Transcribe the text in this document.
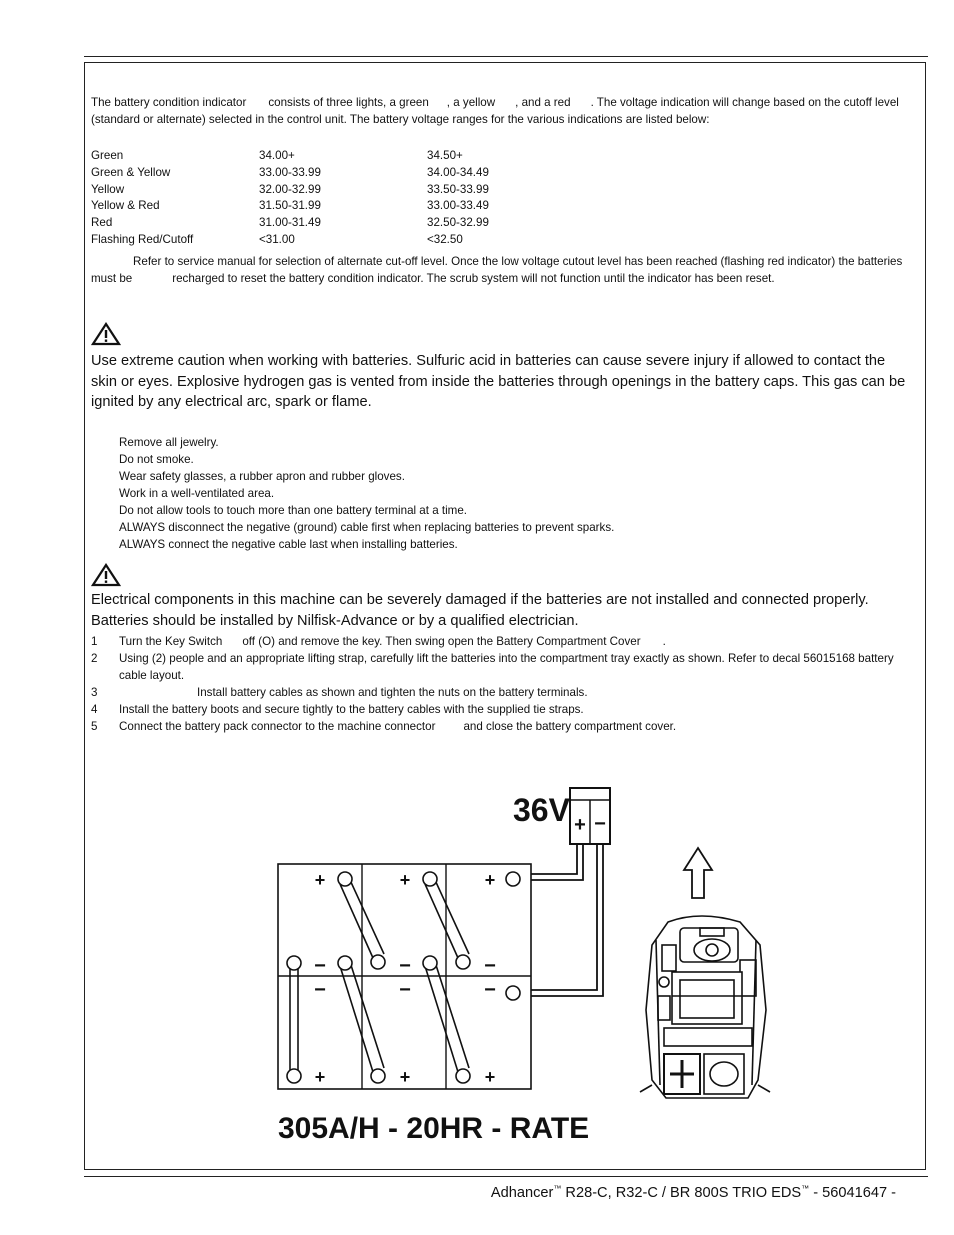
The battery condition indicator consists of three lights, a green , a yellow , and a red . The voltage indication will change based on the cutoff level (standard or alternate) selected in the control unit. The battery voltage ranges for the various indications are listed below:
Green	34.00+	34.50+
Green & Yellow	33.00-33.99	34.00-34.49
Yellow	32.00-32.99	33.50-33.99
Yellow & Red	31.50-31.99	33.00-33.49
Red	31.00-31.49	32.50-32.99
Flashing Red/Cutoff	<31.00	<32.50
Refer to service manual for selection of alternate cut-off level. Once the low voltage cutout level has been reached (flashing red indicator) the batteries must be	recharged to reset the battery condition indicator. The scrub system will not function until the indicator has been reset.
Use extreme caution when working with batteries. Sulfuric acid in batteries can cause severe injury if allowed to contact the skin or eyes. Explosive hydrogen gas is vented from inside the batteries through openings in the battery caps. This gas can be ignited by any electrical arc, spark or flame.
Remove all jewelry.
Do not smoke.
Wear safety glasses, a rubber apron and rubber gloves.
Work in a well-ventilated area.
Do not allow tools to touch more than one battery terminal at a time.
ALWAYS disconnect the negative (ground) cable first when replacing batteries to prevent sparks.
ALWAYS connect the negative cable last when installing batteries.
Electrical components in this machine can be severely damaged if the batteries are not installed and connected properly. Batteries should be installed by Nilfisk-Advance or by a qualified electrician.
1 Turn the Key Switch off (O) and remove the key. Then swing open the Battery Compartment Cover .
2 Using (2) people and an appropriate lifting strap, carefully lift the batteries into the compartment tray exactly as shown. Refer to decal 56015168 battery cable layout.
3	Install battery cables as shown and tighten the nuts on the battery terminals.
4 Install the battery boots and secure tightly to the battery cables with the supplied tie straps.
5 Connect the battery pack connector to the machine connector and close the battery compartment cover.
36V + −
+	+	+
−	−	−
−	−	−
+	+	+
305A/H - 20HR - RATE
Adhancer™ R28-C, R32-C / BR 800S TRIO EDS™ - 56041647 -
